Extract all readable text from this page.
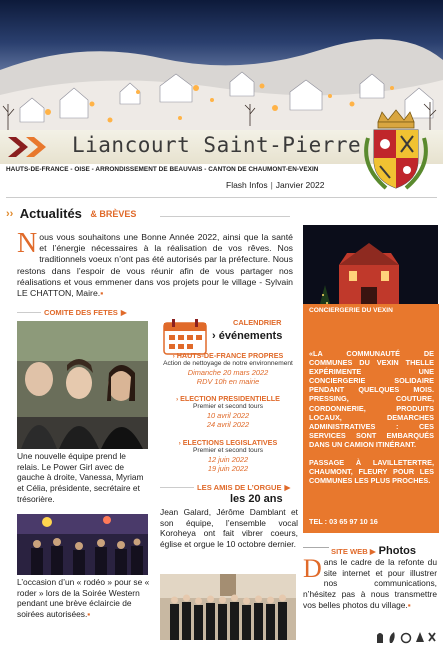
Liancourt Saint-Pierre
HAUTS-DE-FRANCE - OISE - ARRONDISSEMENT DE BEAUVAIS - CANTON DE CHAUMONT-EN-VEXIN
Flash Infos | Janvier 2022
›› Actualités & BRÈVES
Nous vous souhaitons une Bonne Année 2022, ainsi que la santé et l’énergie nécessaires à la réalisation de vos rêves. Nos traditionnels voeux n’ont pas été autorisés par la préfecture. Nous restons dans l’espoir de vous réunir afin de vous partager nos réalisations et vous emmener dans vos projets pour le village - Sylvain LE CHATTON, Maire.▪
COMITE DES FETES ▶
Une nouvelle équipe prend le relais. Le Power Girl avec de gauche à droite, Vanessa, Myriam et Célia, présidente, secrétaire et trésorière.
L’occasion d’un « rodéo » pour se « roder » lors de la Soirée Western pendant une brève éclaircie de soirées autorisées.▪
CALENDRIER
› événements
› HAUTS-DE-FRANCE PROPRES
Action de nettoyage de notre environnement
Dimanche 20 mars 2022
RDV 10h en mairie
› ELECTION PRESIDENTIELLE
Premier et second tours
10 avril 2022
24 avril 2022
› ELECTIONS LEGISLATIVES
Premier et second tours
12 juin 2022
19 juin 2022
LES AMIS DE L’ORGUE ▶
les 20 ans
Jean Galard, Jérôme Damblant et son équipe, l’ensemble vocal Koroheya ont fait vibrer coeurs, église et orgue le 10 octobre dernier.
CONCIERGERIE DU VEXIN

«LA COMMUNAUTÉ DE COMMUNES DU VEXIN THELLE EXPÉRIMENTE UNE CONCIERGERIE SOLIDAIRE PENDANT QUELQUES MOIS. PRESSING, COUTURE, CORDONNERIE, PRODUITS LOCAUX, DEMARCHES ADMINISTRATIVES : CES SERVICES SONT EMBARQUÉS DANS UN CAMION ITINÉRANT.

PASSAGE À LAVILLETERTRE, CHAUMONT, FLEURY POUR LES COMMUNES LES PLUS PROCHES.

TEL : 03 65 97 10 16
SITE WEB ▶ Photos
Dans le cadre de la refonte du site internet et pour illustrer nos communications, n’hésitez pas à nous transmettre vos belles photos du village.▪
